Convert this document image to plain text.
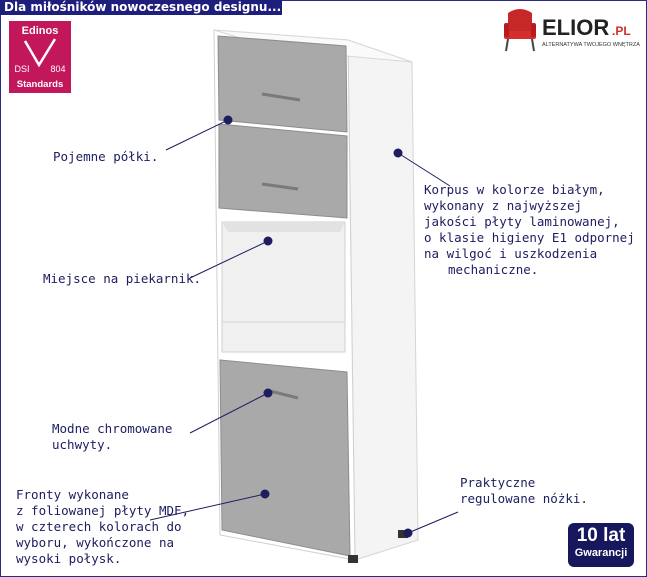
Dla miłośników nowoczesnego designu...
Edinos
DSI 804
Standards
ELIOR .PL
ALTERNATYWA TWOJEGO WNĘTRZA
Pojemne półki.
Miejsce na piekarnik.
Modne chromowane
uchwyty.
Fronty wykonane
z foliowanej płyty MDF,
w czterech kolorach do
wyboru, wykończone na
wysoki połysk.
Korpus w kolorze białym,
wykonany z najwyższej
jakości płyty laminowanej,
o klasie higieny E1 odpornej
na wilgoć i uszkodzenia
mechaniczne.
Praktyczne
regulowane nóżki.
10 lat
Gwarancji
